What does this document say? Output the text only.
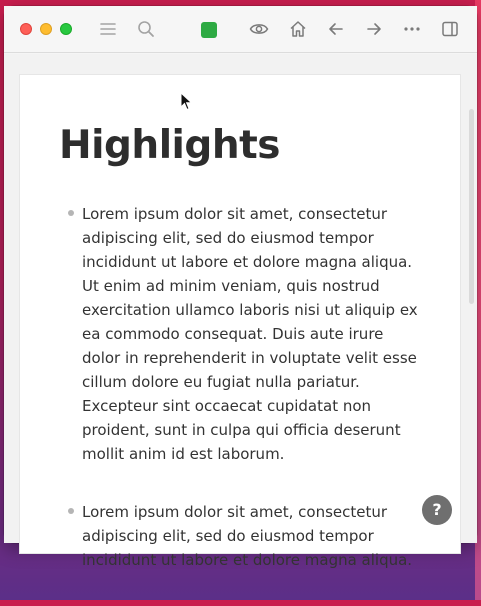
Highlights

Lorem ipsum dolor sit amet, consectetur adipiscing elit, sed do eiusmod tempor incididunt ut labore et dolore magna aliqua. Ut enim ad minim veniam, quis nostrud exercitation ullamco laboris nisi ut aliquip ex ea commodo consequat. Duis aute irure dolor in reprehenderit in voluptate velit esse cillum dolore eu fugiat nulla pariatur. Excepteur sint occaecat cupidatat non proident, sunt in culpa qui officia deserunt mollit anim id est laborum.

Lorem ipsum dolor sit amet, consectetur adipiscing elit, sed do eiusmod tempor incididunt ut labore et dolore magna aliqua.

?
